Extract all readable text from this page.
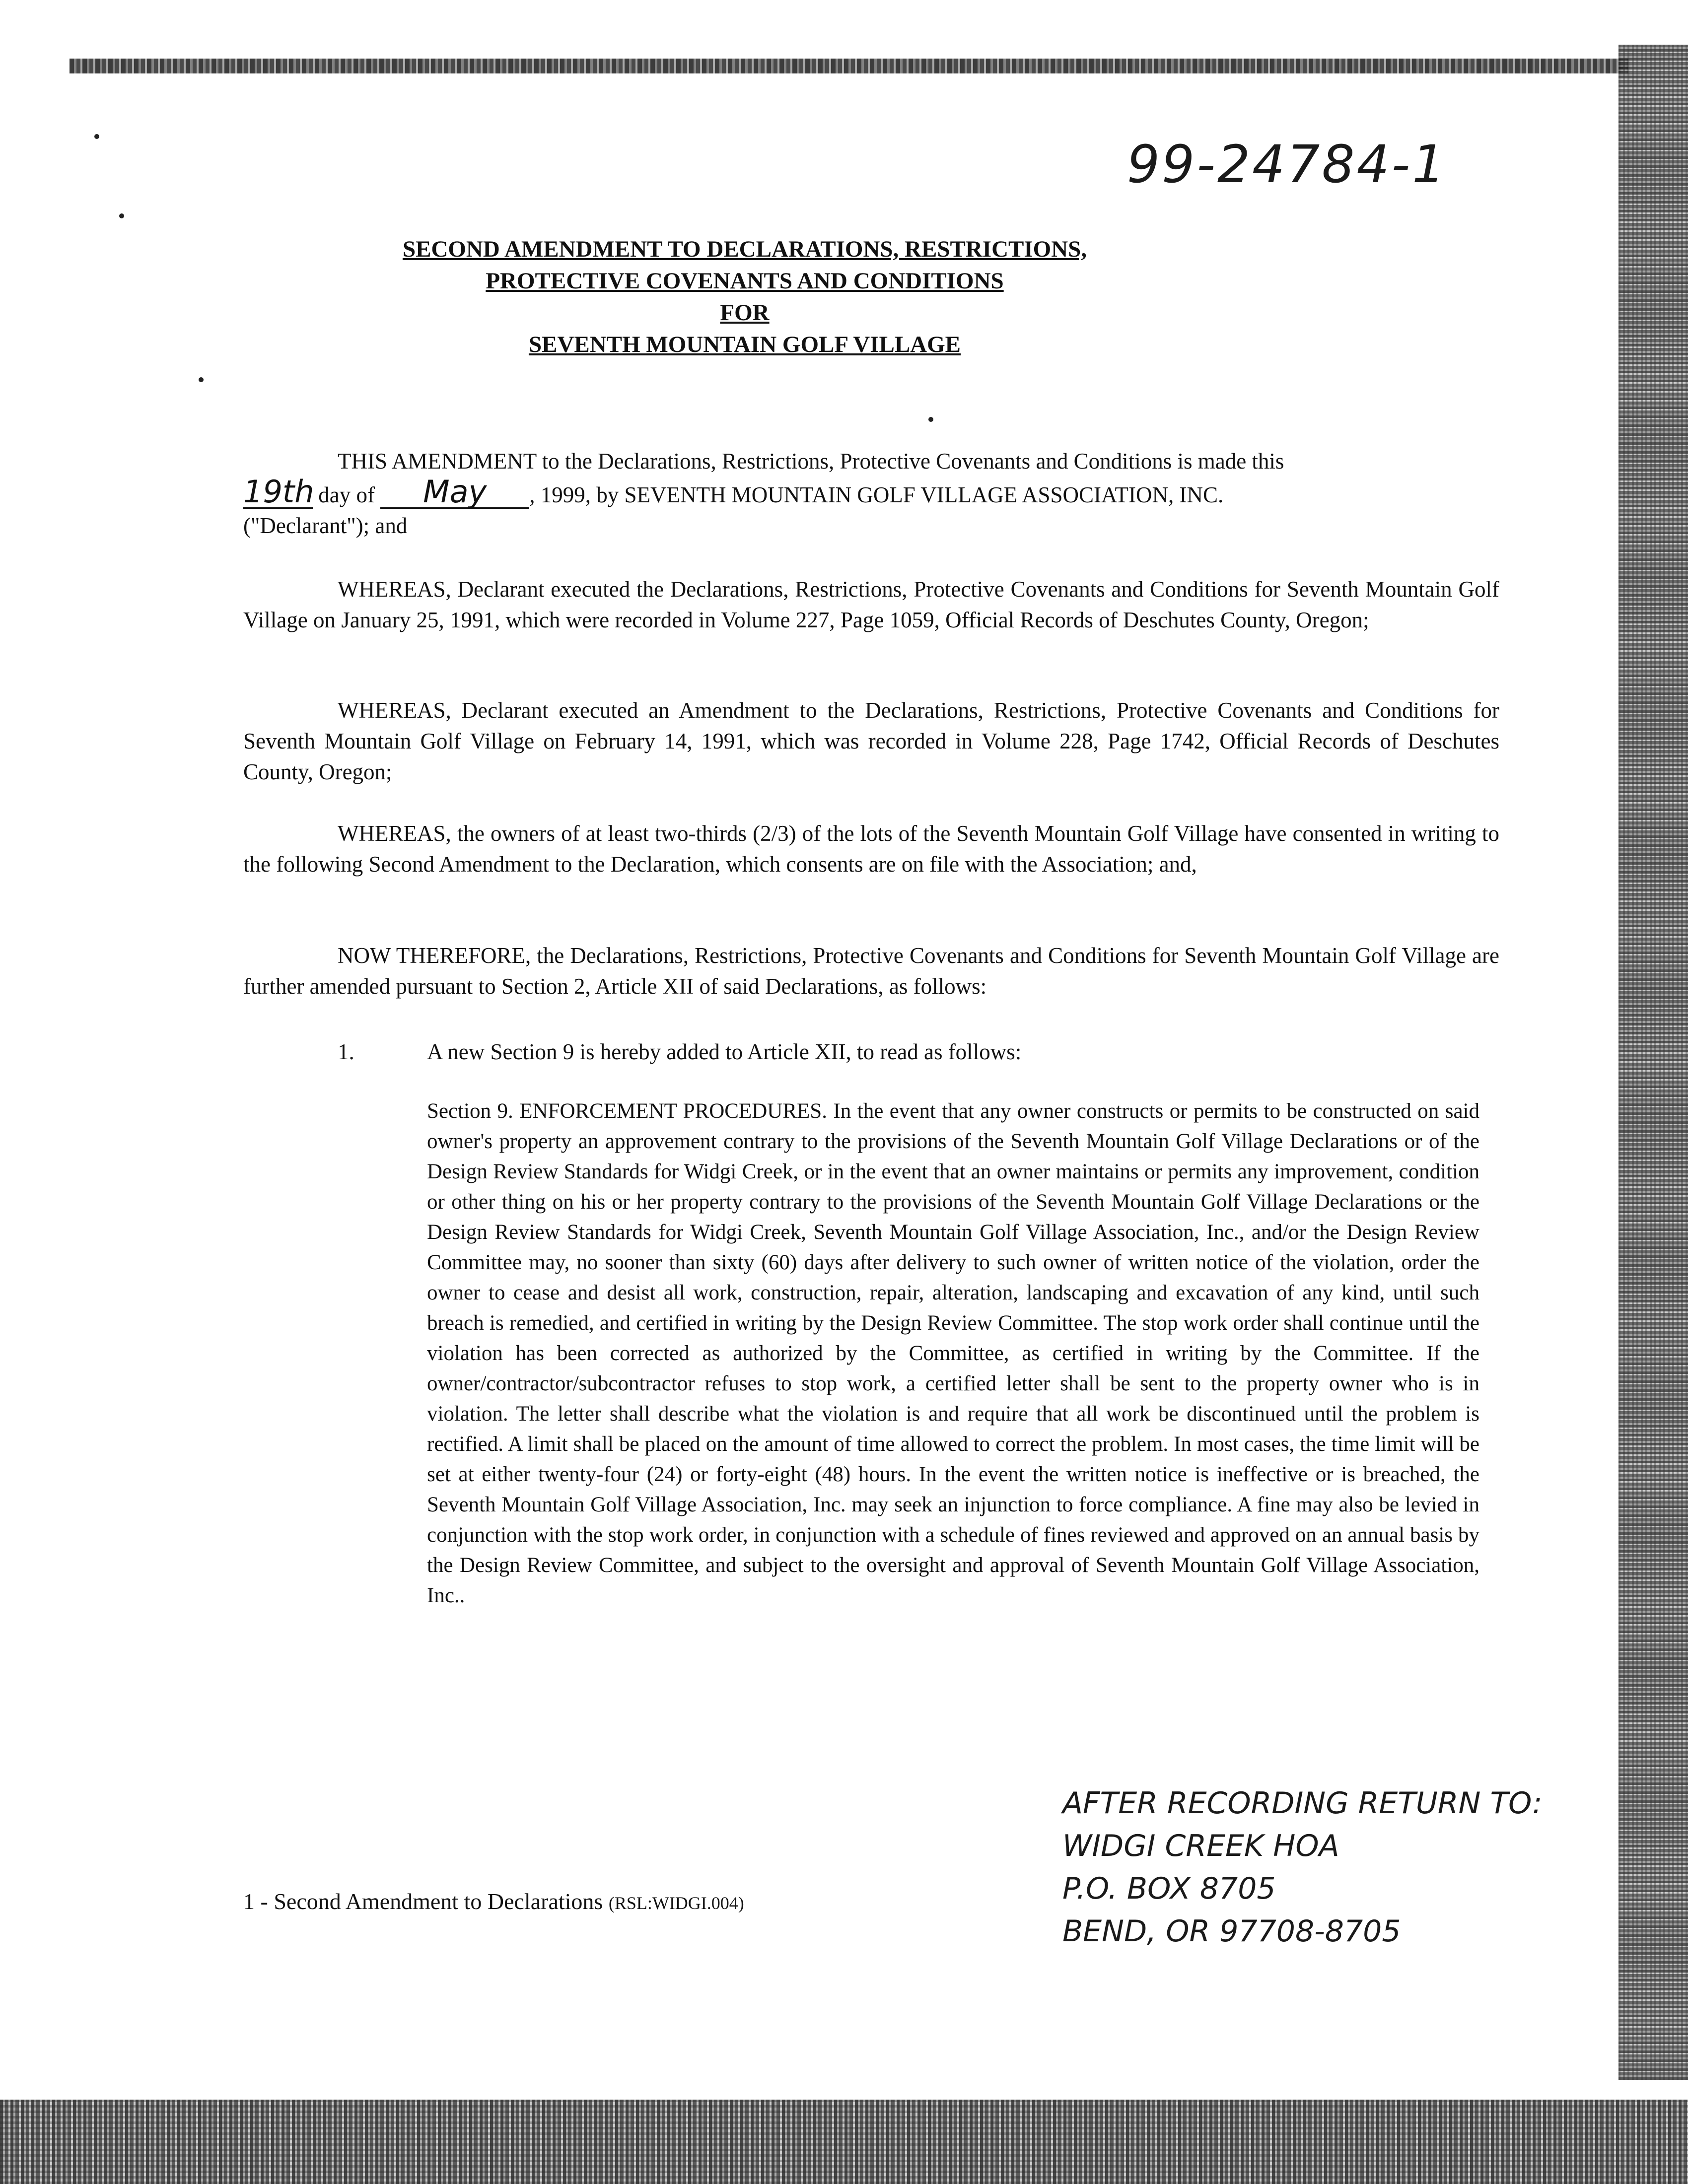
99-24784-1
SECOND AMENDMENT TO DECLARATIONS, RESTRICTIONS,
PROTECTIVE COVENANTS AND CONDITIONS
FOR
SEVENTH MOUNTAIN GOLF VILLAGE
THIS AMENDMENT to the Declarations, Restrictions, Protective Covenants and Conditions is made this
19th day of May , 1999, by SEVENTH MOUNTAIN GOLF VILLAGE ASSOCIATION, INC.
("Declarant"); and
WHEREAS, Declarant executed the Declarations, Restrictions, Protective Covenants and Conditions for Seventh Mountain Golf Village on January 25, 1991, which were recorded in Volume 227, Page 1059, Official Records of Deschutes County, Oregon;
WHEREAS, Declarant executed an Amendment to the Declarations, Restrictions, Protective Covenants and Conditions for Seventh Mountain Golf Village on February 14, 1991, which was recorded in Volume 228, Page 1742, Official Records of Deschutes County, Oregon;
WHEREAS, the owners of at least two-thirds (2/3) of the lots of the Seventh Mountain Golf Village have consented in writing to the following Second Amendment to the Declaration, which consents are on file with the Association; and,
NOW THEREFORE, the Declarations, Restrictions, Protective Covenants and Conditions for Seventh Mountain Golf Village are further amended pursuant to Section 2, Article XII of said Declarations, as follows:
1.	A new Section 9 is hereby added to Article XII, to read as follows:
Section 9. ENFORCEMENT PROCEDURES. In the event that any owner constructs or permits to be constructed on said owner's property an approvement contrary to the provisions of the Seventh Mountain Golf Village Declarations or of the Design Review Standards for Widgi Creek, or in the event that an owner maintains or permits any improvement, condition or other thing on his or her property contrary to the provisions of the Seventh Mountain Golf Village Declarations or the Design Review Standards for Widgi Creek, Seventh Mountain Golf Village Association, Inc., and/or the Design Review Committee may, no sooner than sixty (60) days after delivery to such owner of written notice of the violation, order the owner to cease and desist all work, construction, repair, alteration, landscaping and excavation of any kind, until such breach is remedied, and certified in writing by the Design Review Committee. The stop work order shall continue until the violation has been corrected as authorized by the Committee, as certified in writing by the Committee. If the owner/contractor/subcontractor refuses to stop work, a certified letter shall be sent to the property owner who is in violation. The letter shall describe what the violation is and require that all work be discontinued until the problem is rectified. A limit shall be placed on the amount of time allowed to correct the problem. In most cases, the time limit will be set at either twenty-four (24) or forty-eight (48) hours. In the event the written notice is ineffective or is breached, the Seventh Mountain Golf Village Association, Inc. may seek an injunction to force compliance. A fine may also be levied in conjunction with the stop work order, in conjunction with a schedule of fines reviewed and approved on an annual basis by the Design Review Committee, and subject to the oversight and approval of Seventh Mountain Golf Village Association, Inc..
AFTER RECORDING RETURN TO:
WIDGI CREEK HOA
P.O. BOX 8705
BEND, OR 97708-8705
1 - Second Amendment to Declarations (RSL:WIDGI.004)
